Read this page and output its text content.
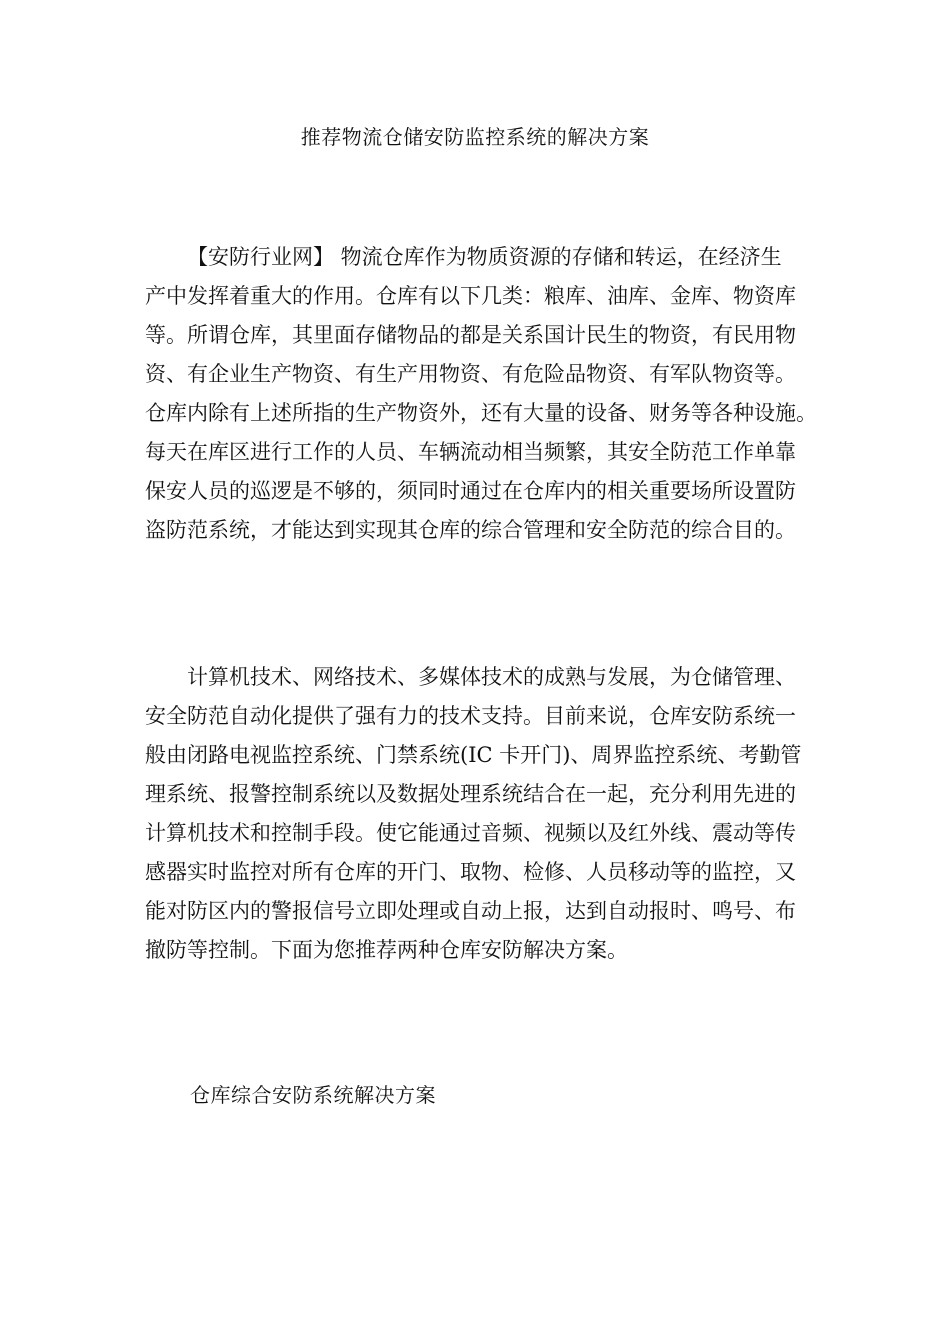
推荐物流仓储安防监控系统的解决方案
【安防行业网】 物流仓库作为物质资源的存储和转运，在经济生
产中发挥着重大的作用。仓库有以下几类：粮库、油库、金库、物资库
等。所谓仓库，其里面存储物品的都是关系国计民生的物资，有民用物
资、有企业生产物资、有生产用物资、有危险品物资、有军队物资等。
仓库内除有上述所指的生产物资外，还有大量的设备、财务等各种设施。
每天在库区进行工作的人员、车辆流动相当频繁，其安全防范工作单靠
保安人员的巡逻是不够的，须同时通过在仓库内的相关重要场所设置防
盗防范系统，才能达到实现其仓库的综合管理和安全防范的综合目的。
计算机技术、网络技术、多媒体技术的成熟与发展，为仓储管理、
安全防范自动化提供了强有力的技术支持。目前来说，仓库安防系统一
般由闭路电视监控系统、门禁系统(IC 卡开门)、周界监控系统、考勤管
理系统、报警控制系统以及数据处理系统结合在一起，充分利用先进的
计算机技术和控制手段。使它能通过音频、视频以及红外线、震动等传
感器实时监控对所有仓库的开门、取物、检修、人员移动等的监控，又
能对防区内的警报信号立即处理或自动上报，达到自动报时、鸣号、布
撤防等控制。下面为您推荐两种仓库安防解决方案。
仓库综合安防系统解决方案
